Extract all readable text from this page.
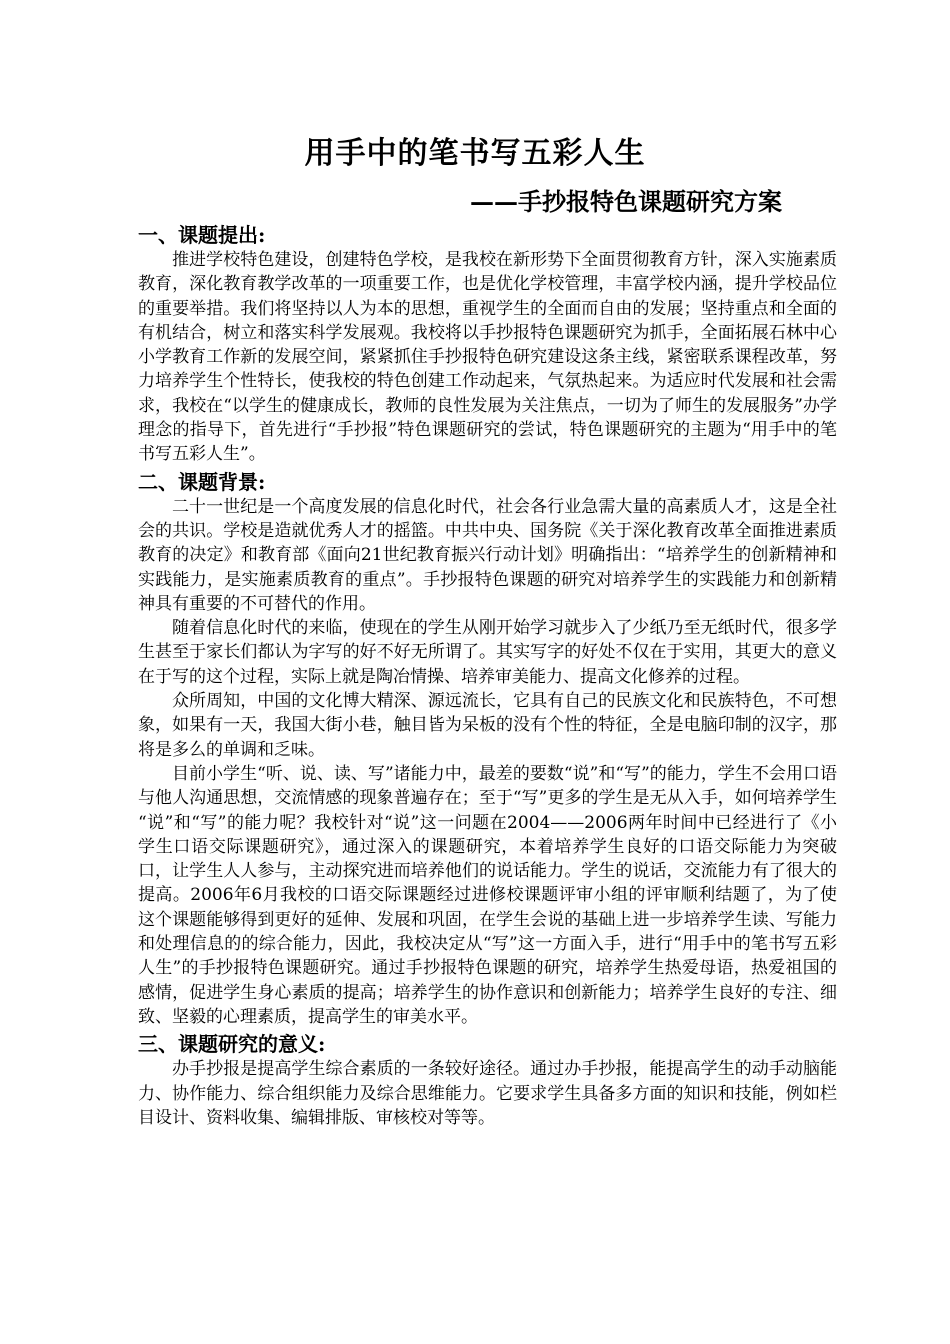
用手中的笔书写五彩人生
——手抄报特色课题研究方案
一、课题提出:

推进学校特色建设，创建特色学校，是我校在新形势下全面贯彻教育方针，深入实施素质教育，深化教育教学改革的一项重要工作，也是优化学校管理，丰富学校内涵，提升学校品位的重要举措。我们将坚持以人为本的思想，重视学生的全面而自由的发展；坚持重点和全面的有机结合，树立和落实科学发展观。我校将以手抄报特色课题研究为抓手，全面拓展石林中心小学教育工作新的发展空间，紧紧抓住手抄报特色研究建设这条主线，紧密联系课程改革，努力培养学生个性特长，使我校的特色创建工作动起来，气氛热起来。为适应时代发展和社会需求，我校在“以学生的健康成长，教师的良性发展为关注焦点，一切为了师生的发展服务”办学理念的指导下，首先进行“手抄报”特色课题研究的尝试，特色课题研究的主题为“用手中的笔书写五彩人生”。

二、课题背景:

二十一世纪是一个高度发展的信息化时代，社会各行业急需大量的高素质人才，这是全社会的共识。学校是造就优秀人才的摇篮。中共中央、国务院《关于深化教育改革全面推进素质教育的决定》和教育部《面向21世纪教育振兴行动计划》明确指出：“培养学生的创新精神和实践能力，是实施素质教育的重点”。手抄报特色课题的研究对培养学生的实践能力和创新精神具有重要的不可替代的作用。

随着信息化时代的来临，使现在的学生从刚开始学习就步入了少纸乃至无纸时代，很多学生甚至于家长们都认为字写的好不好无所谓了。其实写字的好处不仅在于实用，其更大的意义在于写的这个过程，实际上就是陶冶情操、培养审美能力、提高文化修养的过程。

众所周知，中国的文化博大精深、源远流长，它具有自己的民族文化和民族特色，不可想象，如果有一天，我国大街小巷，触目皆为呆板的没有个性的特征，全是电脑印制的汉字，那将是多么的单调和乏味。

目前小学生“听、说、读、写”诸能力中，最差的要数“说”和“写”的能力，学生不会用口语与他人沟通思想，交流情感的现象普遍存在；至于“写”更多的学生是无从入手，如何培养学生 “说”和“写”的能力呢？我校针对“说”这一问题在2004——2006两年时间中已经进行了《小学生口语交际课题研究》，通过深入的课题研究，本着培养学生良好的口语交际能力为突破口，让学生人人参与，主动探究进而培养他们的说话能力。学生的说话，交流能力有了很大的提高。2006年6月我校的口语交际课题经过进修校课题评审小组的评审顺利结题了，为了使这个课题能够得到更好的延伸、发展和巩固，在学生会说的基础上进一步培养学生读、写能力和处理信息的的综合能力，因此，我校决定从“写”这一方面入手，进行“用手中的笔书写五彩人生”的手抄报特色课题研究。通过手抄报特色课题的研究，培养学生热爱母语，热爱祖国的感情，促进学生身心素质的提高；培养学生的协作意识和创新能力；培养学生良好的专注、细致、坚毅的心理素质，提高学生的审美水平。

三、课题研究的意义:

办手抄报是提高学生综合素质的一条较好途径。通过办手抄报，能提高学生的动手动脑能力、协作能力、综合组织能力及综合思维能力。它要求学生具备多方面的知识和技能，例如栏目设计、资料收集、编辑排版、审核校对等等。
